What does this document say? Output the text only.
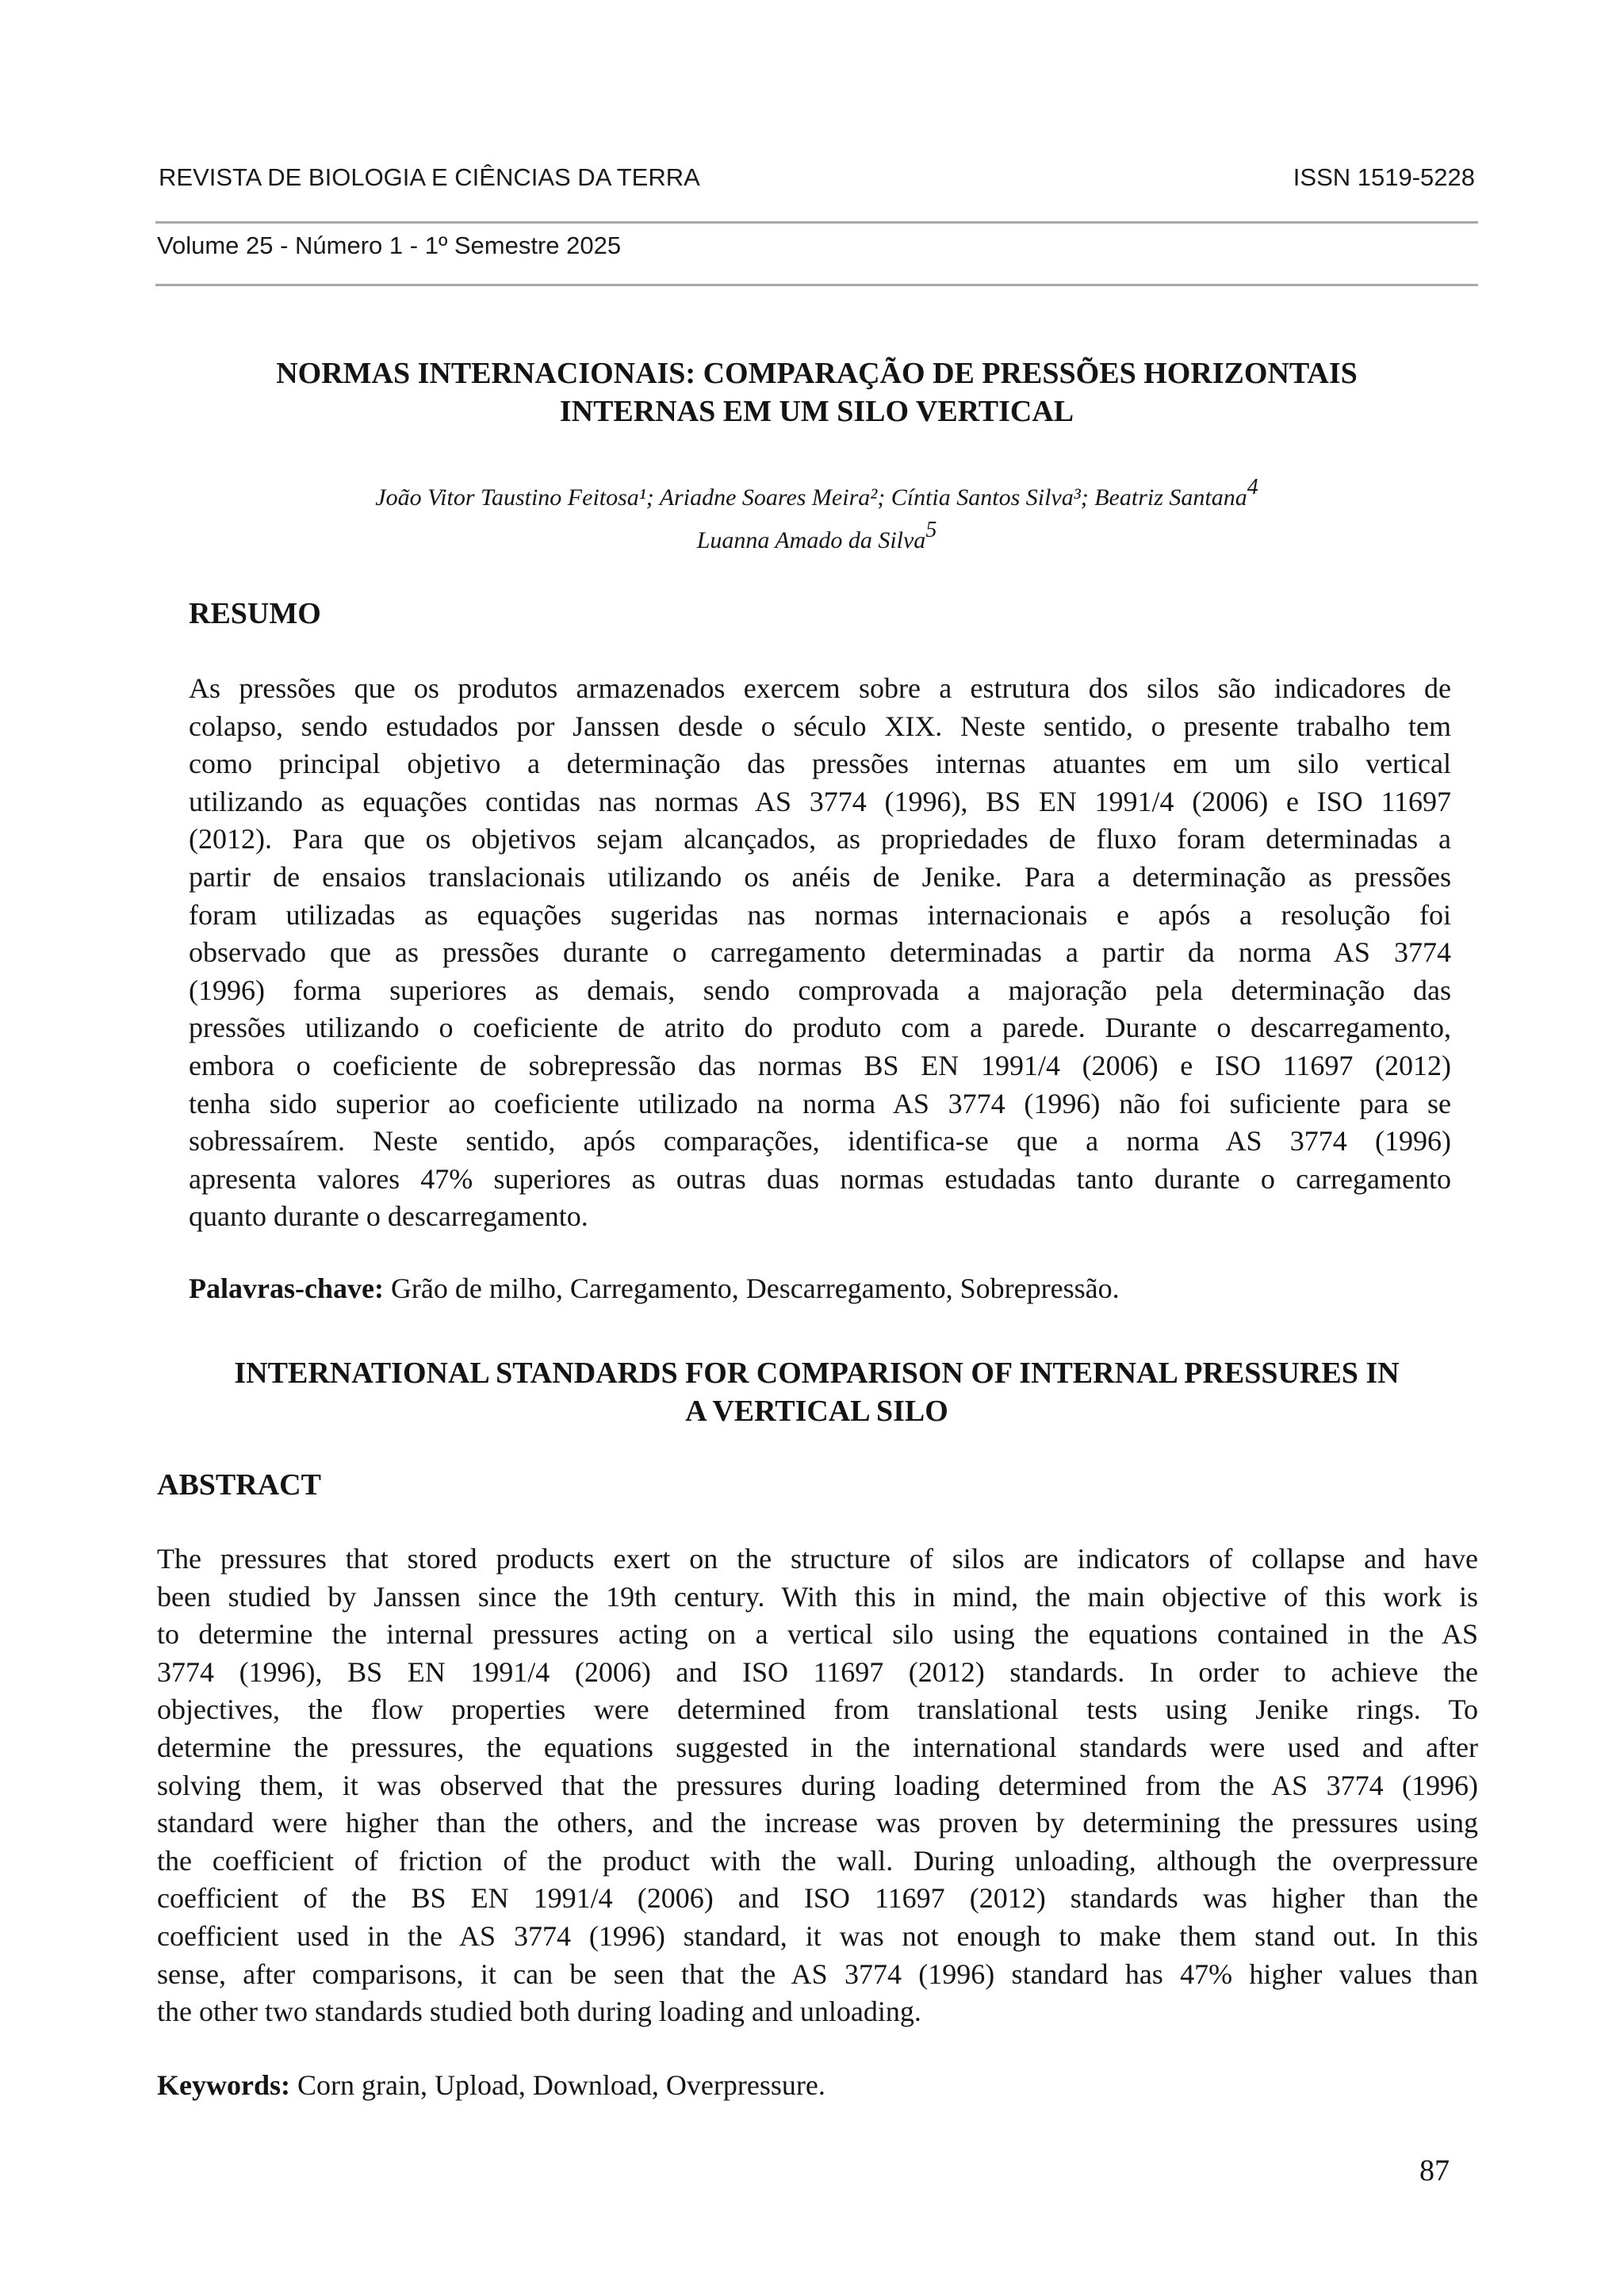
REVISTA DE BIOLOGIA E CIÊNCIAS DA TERRA	ISSN 1519-5228
Volume 25 - Número 1 - 1º Semestre 2025
NORMAS INTERNACIONAIS: COMPARAÇÃO DE PRESSÕES HORIZONTAIS
INTERNAS EM UM SILO VERTICAL
João Vitor Taustino Feitosa¹; Ariadne Soares Meira²; Cíntia Santos Silva³; Beatriz Santana$^4$
Luanna Amado da Silva$^5$
RESUMO
As pressões que os produtos armazenados exercem sobre a estrutura dos silos são indicadores de
colapso, sendo estudados por Janssen desde o século XIX. Neste sentido, o presente trabalho tem
como principal objetivo a determinação das pressões internas atuantes em um silo vertical
utilizando as equações contidas nas normas AS 3774 (1996), BS EN 1991/4 (2006) e ISO 11697
(2012). Para que os objetivos sejam alcançados, as propriedades de fluxo foram determinadas a
partir de ensaios translacionais utilizando os anéis de Jenike. Para a determinação as pressões
foram utilizadas as equações sugeridas nas normas internacionais e após a resolução foi
observado que as pressões durante o carregamento determinadas a partir da norma AS 3774
(1996) forma superiores as demais, sendo comprovada a majoração pela determinação das
pressões utilizando o coeficiente de atrito do produto com a parede. Durante o descarregamento,
embora o coeficiente de sobrepressão das normas BS EN 1991/4 (2006) e ISO 11697 (2012)
tenha sido superior ao coeficiente utilizado na norma AS 3774 (1996) não foi suficiente para se
sobressaírem. Neste sentido, após comparações, identifica-se que a norma AS 3774 (1996)
apresenta valores 47% superiores as outras duas normas estudadas tanto durante o carregamento
quanto durante o descarregamento.
Palavras-chave: Grão de milho, Carregamento, Descarregamento, Sobrepressão.
INTERNATIONAL STANDARDS FOR COMPARISON OF INTERNAL PRESSURES IN
A VERTICAL SILO
ABSTRACT
The pressures that stored products exert on the structure of silos are indicators of collapse and have
been studied by Janssen since the 19th century. With this in mind, the main objective of this work is
to determine the internal pressures acting on a vertical silo using the equations contained in the AS
3774 (1996), BS EN 1991/4 (2006) and ISO 11697 (2012) standards. In order to achieve the
objectives, the flow properties were determined from translational tests using Jenike rings. To
determine the pressures, the equations suggested in the international standards were used and after
solving them, it was observed that the pressures during loading determined from the AS 3774 (1996)
standard were higher than the others, and the increase was proven by determining the pressures using
the coefficient of friction of the product with the wall. During unloading, although the overpressure
coefficient of the BS EN 1991/4 (2006) and ISO 11697 (2012) standards was higher than the
coefficient used in the AS 3774 (1996) standard, it was not enough to make them stand out. In this
sense, after comparisons, it can be seen that the AS 3774 (1996) standard has 47% higher values than
the other two standards studied both during loading and unloading.
Keywords: Corn grain, Upload, Download, Overpressure.
87
